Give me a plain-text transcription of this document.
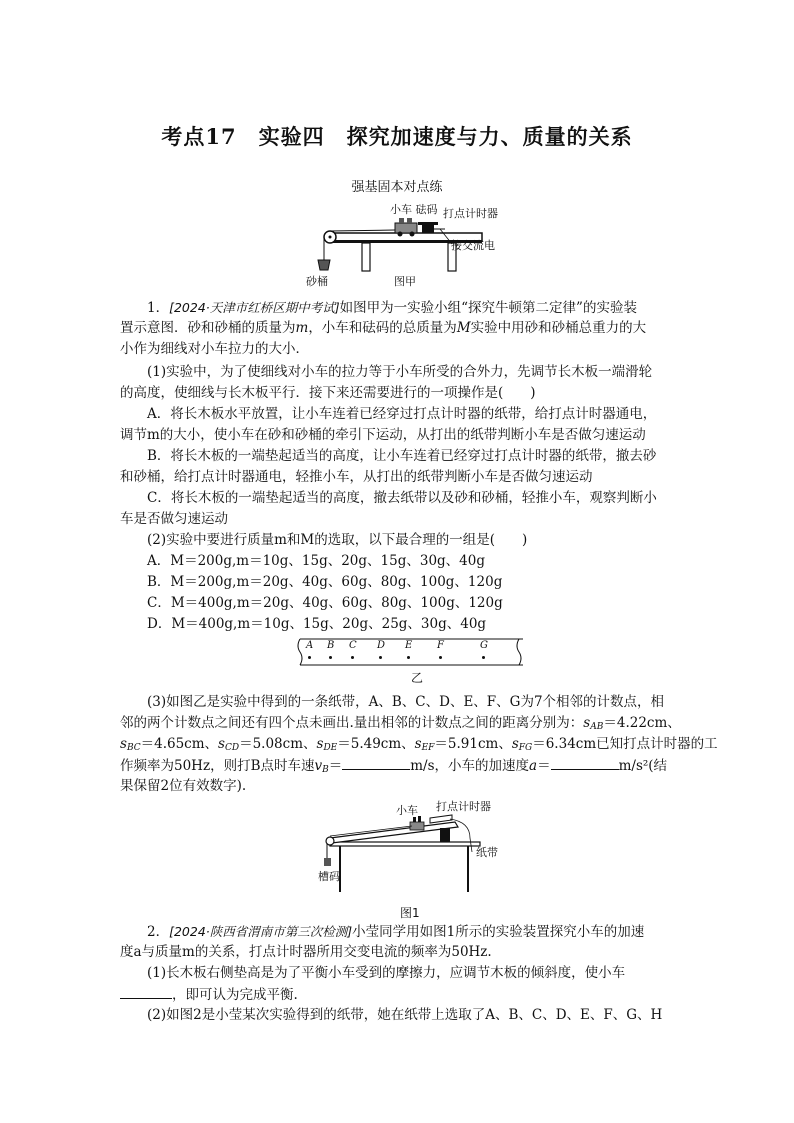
考点17　实验四　探究加速度与力、质量的关系
强基固本对点练
小车 砝码 打点计时器
接交流电
砂桶	图甲
1．[2024·天津市红桥区期中考试]如图甲为一实验小组“探究牛顿第二定律”的实验装
置示意图．砂和砂桶的质量为m，小车和砝码的总质量为M实验中用砂和砂桶总重力的大
小作为细线对小车拉力的大小．
(1)实验中，为了使细线对小车的拉力等于小车所受的合外力，先调节长木板一端滑轮
的高度，使细线与长木板平行．接下来还需要进行的一项操作是(　　)
A．将长木板水平放置，让小车连着已经穿过打点计时器的纸带，给打点计时器通电，
调节m的大小，使小车在砂和砂桶的牵引下运动，从打出的纸带判断小车是否做匀速运动
B．将长木板的一端垫起适当的高度，让小车连着已经穿过打点计时器的纸带，撤去砂
和砂桶，给打点计时器通电，轻推小车，从打出的纸带判断小车是否做匀速运动
C．将长木板的一端垫起适当的高度，撤去纸带以及砂和砂桶，轻推小车，观察判断小
车是否做匀速运动
(2)实验中要进行质量m和M的选取，以下最合理的一组是(　　)
A．M＝200g,m＝10g、15g、20g、15g、30g、40g
B．M＝200g,m＝20g、40g、60g、80g、100g、120g
C．M＝400g,m＝20g、40g、60g、80g、100g、120g
D．M＝400g,m＝10g、15g、20g、25g、30g、40g
A B C D E F	G
乙
(3)如图乙是实验中得到的一条纸带，A、B、C、D、E、F、G为7个相邻的计数点，相
邻的两个计数点之间还有四个点未画出.量出相邻的计数点之间的距离分别为：$s_{AB}=4.22cm$、
$s_{BC}=4.65cm$、$s_{CD}=5.08cm$、$s_{DE}=5.49cm$、$s_{EF}=5.91cm$、$s_{FG}=6.34cm$已知打点计时器的工
作频率为50Hz，则打B点时车速$v_B=$	m/s，小车的加速度a＝	m/s²(结
果保留2位有效数字).
小车 打点计时器
纸带
槽码
图1
2．[2024·陕西省渭南市第三次检测]小莹同学用如图1所示的实验装置探究小车的加速
度a与质量m的关系，打点计时器所用交变电流的频率为50Hz.
(1)长木板右侧垫高是为了平衡小车受到的摩擦力，应调节木板的倾斜度，使小车
，即可认为完成平衡.
(2)如图2是小莹某次实验得到的纸带，她在纸带上选取了A、B、C、D、E、F、G、H
